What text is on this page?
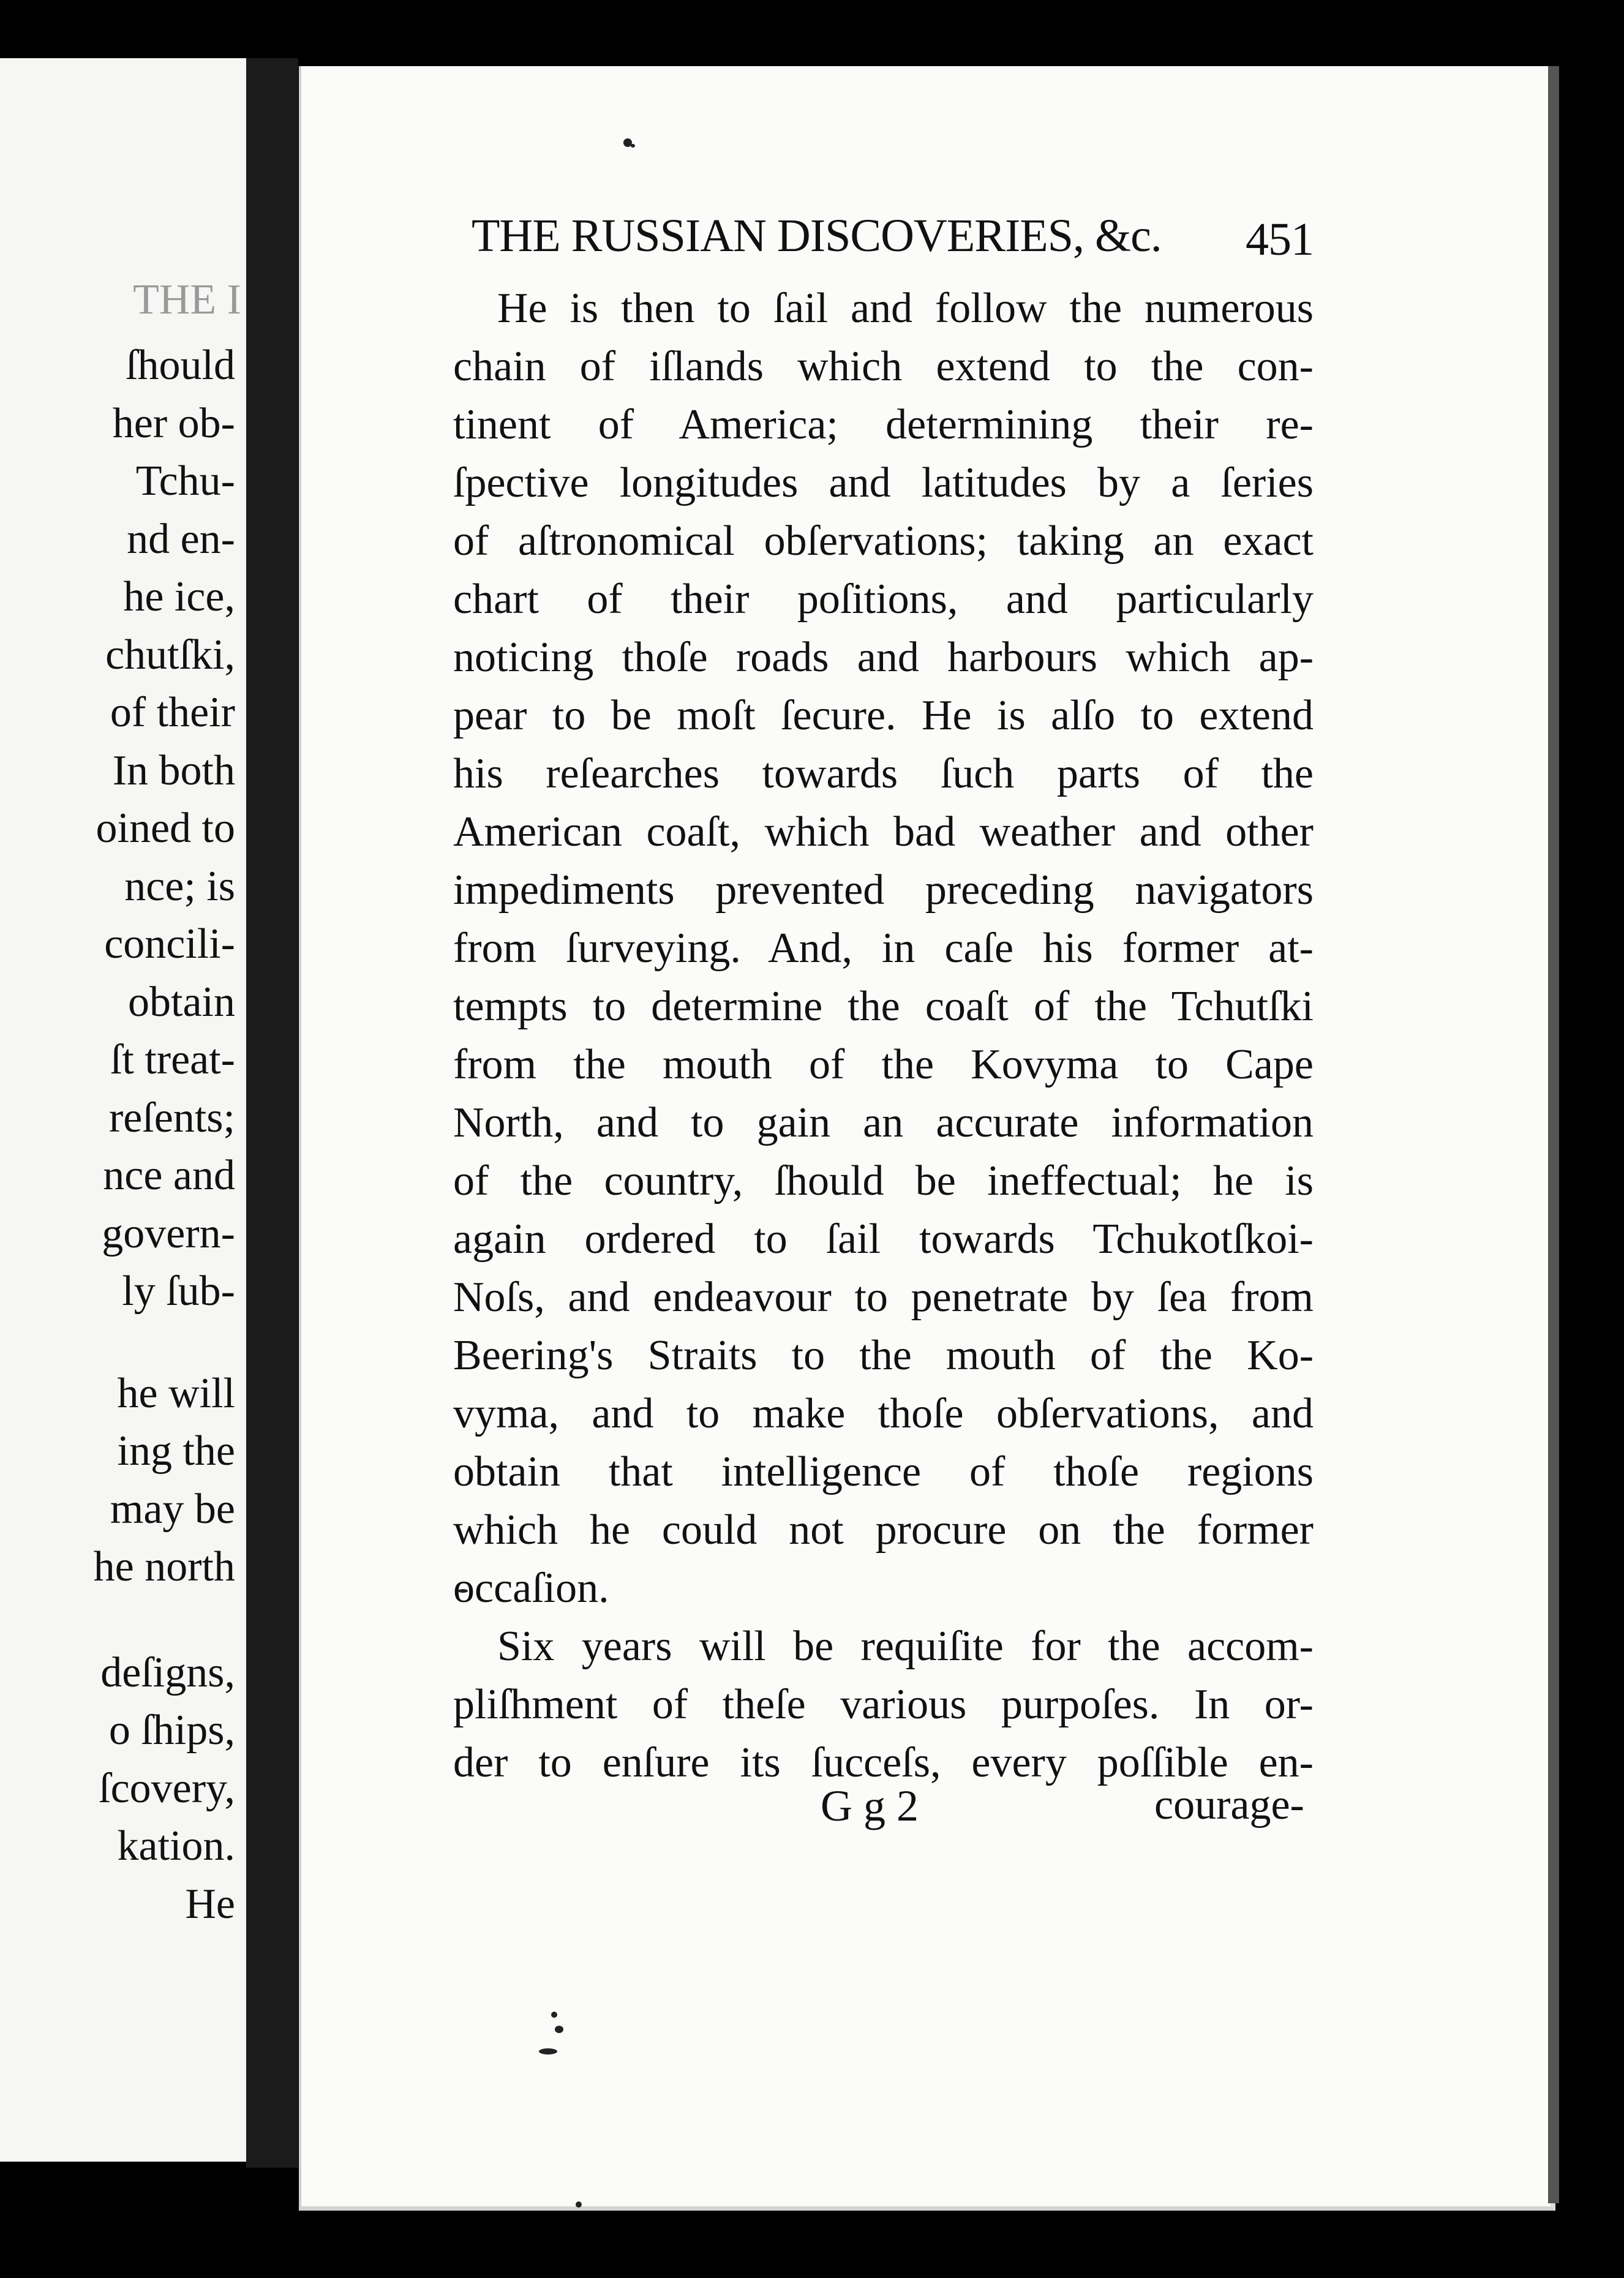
THE I
ſhould
her ob-
Tchu-
nd en-
he ice,
chutſki,
of their
In both
oined to
nce; is
concili-
obtain
ſt treat-
reſents;
nce and
govern-
ly ſub-
he will
ing the
may be
he north
deſigns,
o ſhips,
ſcovery,
kation.
He
THE RUSSIAN DISCOVERIES, &c. 451
He is then to ſail and follow the numerous
chain of iſlands which extend to the con-
tinent of America; determining their re-
ſpective longitudes and latitudes by a ſeries
of aſtronomical obſervations; taking an exact
chart of their poſitions, and particularly
noticing thoſe roads and harbours which ap-
pear to be moſt ſecure. He is alſo to extend
his reſearches towards ſuch parts of the
American coaſt, which bad weather and other
impediments prevented preceding navigators
from ſurveying. And, in caſe his former at-
tempts to determine the coaſt of the Tchutſki
from the mouth of the Kovyma to Cape
North, and to gain an accurate information
of the country, ſhould be ineffectual; he is
again ordered to ſail towards Tchukotſkoi-
Noſs, and endeavour to penetrate by ſea from
Beering's Straits to the mouth of the Ko-
vyma, and to make thoſe obſervations, and
obtain that intelligence of thoſe regions
which he could not procure on the former
occaſion.
Six years will be requiſite for the accom-
pliſhment of theſe various purpoſes. In or-
der to enſure its ſucceſs, every poſſible en-
G g 2	courage-
